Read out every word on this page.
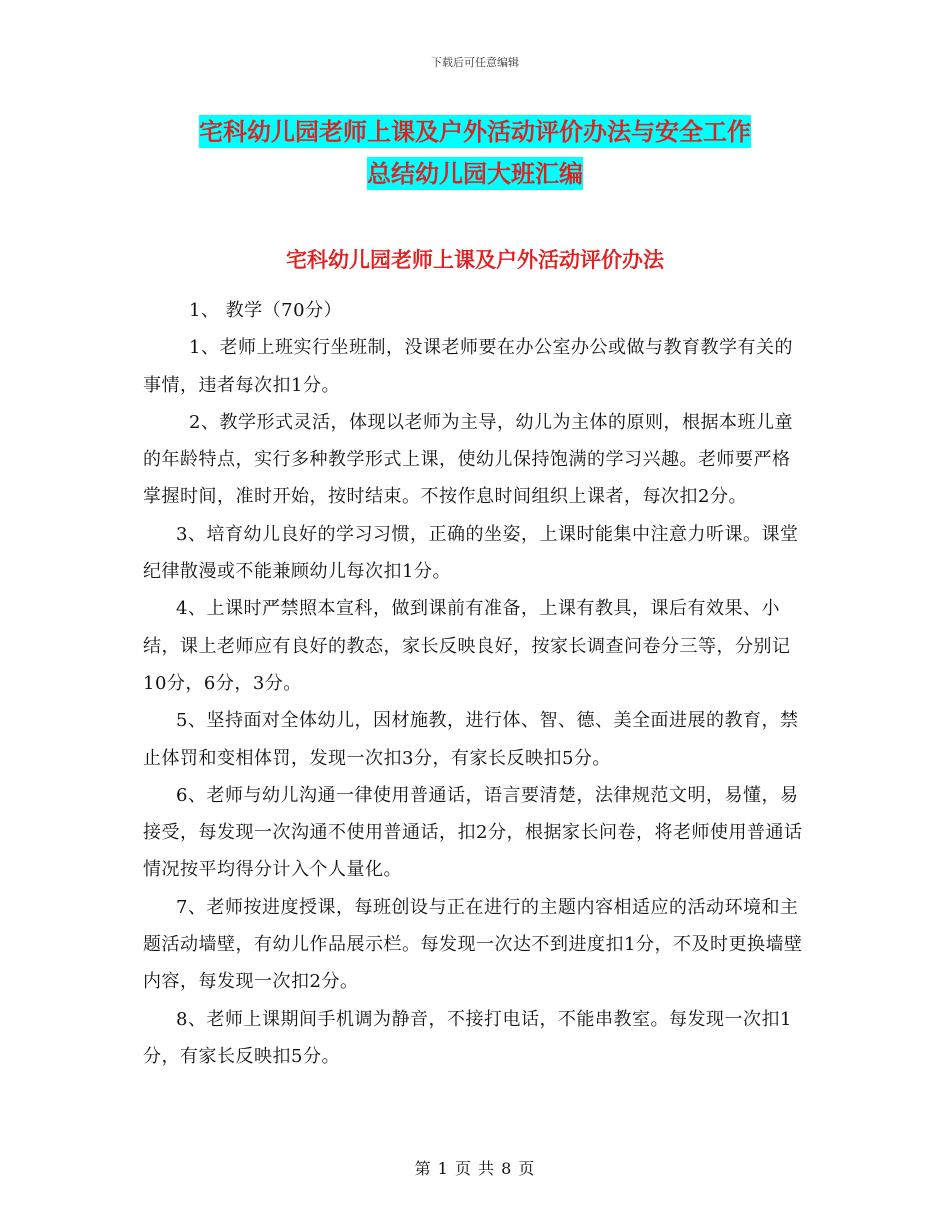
下载后可任意编辑
宅科幼儿园老师上课及户外活动评价办法与安全工作
总结幼儿园大班汇编
宅科幼儿园老师上课及户外活动评价办法

1、 教学（70分）

1、老师上班实行坐班制，没课老师要在办公室办公或做与教育教学有关的事情，违者每次扣1分。

2、教学形式灵活，体现以老师为主导，幼儿为主体的原则，根据本班儿童的年龄特点，实行多种教学形式上课，使幼儿保持饱满的学习兴趣。老师要严格掌握时间，准时开始，按时结束。不按作息时间组织上课者，每次扣2分。

3、培育幼儿良好的学习习惯，正确的坐姿，上课时能集中注意力听课。课堂纪律散漫或不能兼顾幼儿每次扣1分。

4、上课时严禁照本宣科，做到课前有准备，上课有教具，课后有效果、小结，课上老师应有良好的教态，家长反映良好，按家长调查问卷分三等，分别记10分，6分，3分。

5、坚持面对全体幼儿，因材施教，进行体、智、德、美全面进展的教育，禁止体罚和变相体罚，发现一次扣3分，有家长反映扣5分。

6、老师与幼儿沟通一律使用普通话，语言要清楚，法律规范文明，易懂，易接受，每发现一次沟通不使用普通话，扣2分，根据家长问卷，将老师使用普通话情况按平均得分计入个人量化。

7、老师按进度授课，每班创设与正在进行的主题内容相适应的活动环境和主题活动墙壁，有幼儿作品展示栏。每发现一次达不到进度扣1分，不及时更换墙壁内容，每发现一次扣2分。

8、老师上课期间手机调为静音，不接打电话，不能串教室。每发现一次扣1分，有家长反映扣5分。

第 1 页 共 8 页
